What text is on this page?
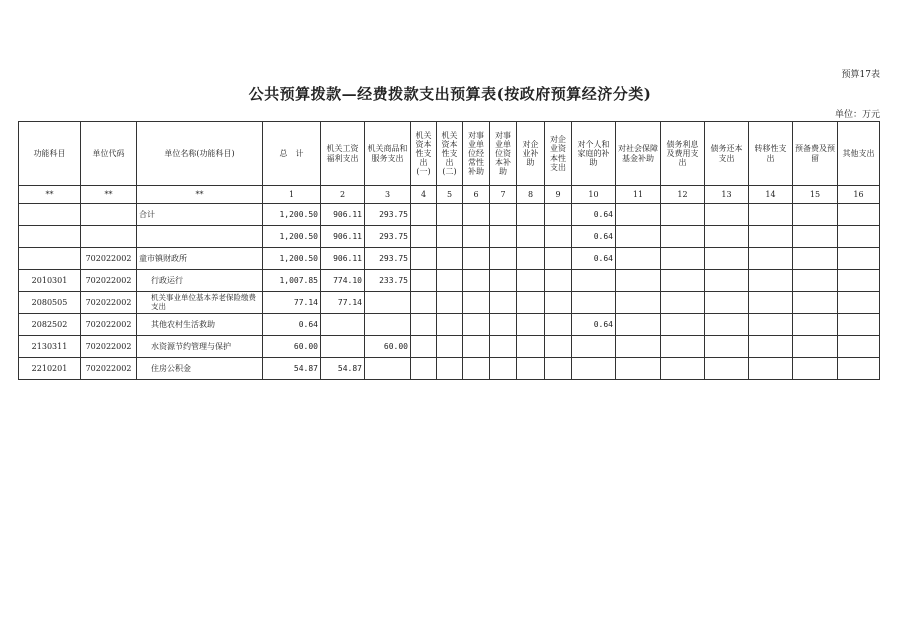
预算17表
公共预算拨款—经费拨款支出预算表(按政府预算经济分类)
单位：万元
功能科目	单位代码	单位名称(功能科目)	总　计	机关工资福利支出	机关商品和服务支出	机关资本性支出(一)	机关资本性支出(二)	对事业单位经常性补助	对事业单位资本补助	对企业补助	对企业资本性支出	对个人和家庭的补助	对社会保障基金补助	债务利息及费用支出	债务还本支出	转移性支出	预备费及预留	其他支出
**	**	**	1	2	3	4	5	6	7	8	9	10	11	12	13	14	15	16
		合计	1,200.50	906.11	293.75							0.64						
			1,200.50	906.11	293.75							0.64						
	702022002	童市镇财政所	1,200.50	906.11	293.75							0.64						
2010301	702022002	行政运行	1,007.85	774.10	233.75													
2080505	702022002	机关事业单位基本养老保险缴费支出	77.14	77.14														
2082502	702022002	其他农村生活救助	0.64									0.64						
2130311	702022002	水资源节约管理与保护	60.00		60.00													
2210201	702022002	住房公积金	54.87	54.87														
